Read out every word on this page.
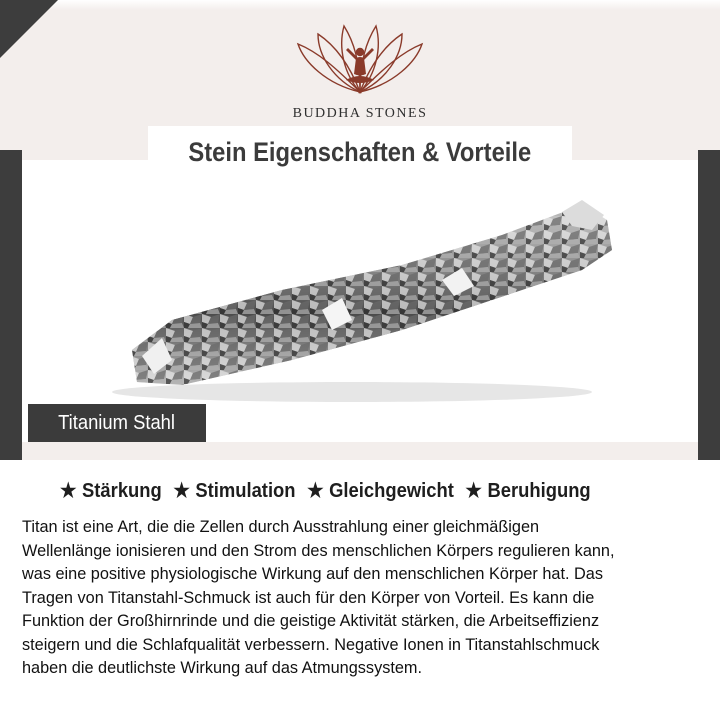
BUDDHA STONES
Stein Eigenschaften & Vorteile
Titanium Stahl
★ Stärkung ★ Stimulation ★ Gleichgewicht ★ Beruhigung
Titan ist eine Art, die die Zellen durch Ausstrahlung einer gleichmäßigen
Wellenlänge ionisieren und den Strom des menschlichen Körpers regulieren kann,
was eine positive physiologische Wirkung auf den menschlichen Körper hat. Das
Tragen von Titanstahl-Schmuck ist auch für den Körper von Vorteil. Es kann die
Funktion der Großhirnrinde und die geistige Aktivität stärken, die Arbeitseffizienz
steigern und die Schlafqualität verbessern. Negative Ionen in Titanstahlschmuck
haben die deutlichste Wirkung auf das Atmungssystem.
